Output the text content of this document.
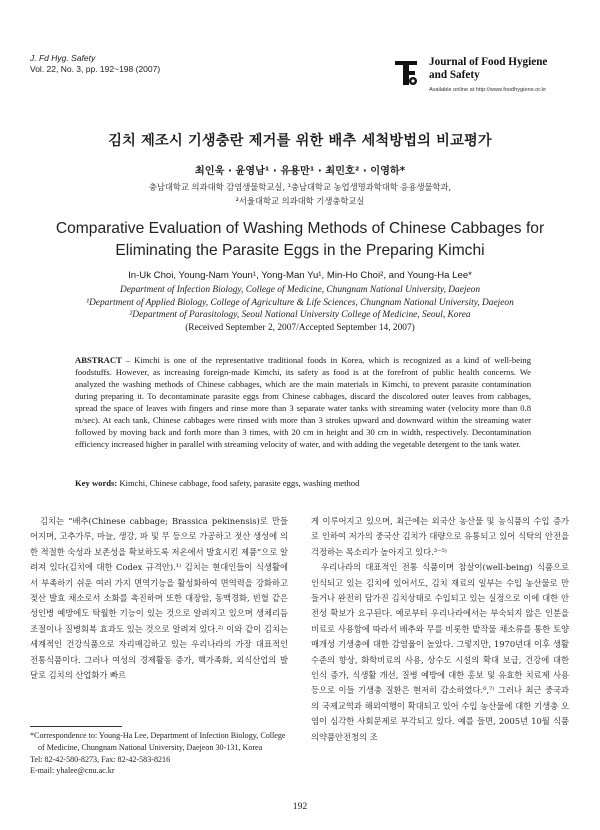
J. Fd Hyg. Safety
Vol. 22, No. 3, pp. 192~198 (2007)
Journal of Food Hygiene
and Safety
Available online at http://www.foodhygiene.or.kr
김치 제조시 기생충란 제거를 위한 배추 세척방법의 비교평가
최인욱 · 윤영남¹ · 유용만¹ · 최민호² · 이영하*
충남대학교 의과대학 감염생물학교실, ¹충남대학교 농업생명과학대학 응용생물학과,
²서울대학교 의과대학 기생충학교실
Comparative Evaluation of Washing Methods of Chinese Cabbages for
Eliminating the Parasite Eggs in the Preparing Kimchi
In-Uk Choi, Young-Nam Youn¹, Yong-Man Yu¹, Min-Ho Choi², and Young-Ha Lee*
Department of Infection Biology, College of Medicine, Chungnam National University, Daejeon
¹Department of Applied Biology, College of Agriculture & Life Sciences, Chungnam National University, Daejeon
²Department of Parasitology, Seoul National University College of Medicine, Seoul, Korea
(Received September 2, 2007/Accepted September 14, 2007)

ABSTRACT – Kimchi is one of the representative traditional foods in Korea, which is recognized as a kind of well-being foodstuffs. However, as increasing foreign-made Kimchi, its safety as food is at the forefront of public health concerns. We analyzed the washing methods of Chinese cabbages, which are the main materials in Kimchi, to prevent parasite contamination during preparing it. To decontaminate parasite eggs from Chinese cabbages, discard the discolored outer leaves from cabbages, spread the space of leaves with fingers and rinse more than 3 separate water tanks with streaming water (velocity more than 0.8 m/sec). At each tank, Chinese cabbages were rinsed with more than 3 strokes upward and downward within the streaming water followed by moving back and forth more than 3 times, with 20 cm in height and 30 cm in width, respectively. Decontamination efficiency increased higher in parallel with streaming velocity of water, and with adding the vegetable detergent to the tank water.

Key words: Kimchi, Chinese cabbage, food safety, parasite eggs, washing method

김치는 “배추(Chinese cabbage; Brassica pekinensis)로 만들어지며, 고추가루, 마늘, 생강, 파 및 무 등으로 가공하고 젓산 생성에 의한 적절한 숙성과 보존성을 확보하도록 저온에서 발효시킨 제품”으로 알려져 있다(김치에 대한 Codex 규격안).¹⁾ 김치는 현대인들이 식생활에서 부족하기 쉬운 여러 가지 면역기능을 활성화하여 면역력을 강화하고 젖산 발효 채소로서 소화를 촉진하며 또한 대장암, 동맥경화, 빈혈 같은 성인병 예방에도 탁월한 기능이 있는 것으로 알려지고 있으며 생체리듬조절이나 질병회복 효과도 있는 것으로 알려져 있다.²⁾ 이와 같이 김치는 세계적인 건강식품으로 자리매김하고 있는 우리나라의 가장 대표적인 전통식품이다. 그러나 여성의 경제활동 증가, 핵가족화, 외식산업의 발달로 김치의 산업화가 빠르

게 이루어지고 있으며, 최근에는 외국산 농산물 및 농식품의 수입 증가로 인하여 저가의 중국산 김치가 대량으로 유통되고 있어 식탁의 안전을 걱정하는 목소리가 높아지고 있다.³⁻⁵⁾

우리나라의 대표적인 전통 식품이며 참살이(well-being) 식품으로 인식되고 있는 김치에 있어서도, 김치 재료의 일부는 수입 농산물로 만들거나 완전히 담가진 김치상태로 수입되고 있는 실정으로 이에 대한 안전성 확보가 요구된다. 예로부터 우리나라에서는 부숙되지 않은 인분을 비료로 사용함에 따라서 배추와 무를 비롯한 밭작물 채소류를 통한 토양매개성 기생충에 대한 감염율이 높았다. 그렇지만, 1970년대 이후 생활수준의 향상, 화학비료의 사용, 상수도 시설의 확대 보급, 건강에 대한 인식 증가, 식생활 개선, 질병 예방에 대한 홍보 및 유효한 치료제 사용 등으로 이들 기생충 질환은 현저히 감소하였다.⁶,⁷⁾ 그러나 최근 중국과의 국제교역과 해외여행이 확대되고 있어 수입 농산물에 대한 기생충 오염이 심각한 사회문제로 부각되고 있다. 예를 들면, 2005년 10월 식품의약품안전청의 조

*Correspondence to: Young-Ha Lee, Department of Infection Biology, College of Medicine, Chungnam National University, Daejeon 30-131, Korea
Tel: 82-42-580-8273, Fax: 82-42-583-8216
E-mail: yhalee@cnu.ac.kr
192
